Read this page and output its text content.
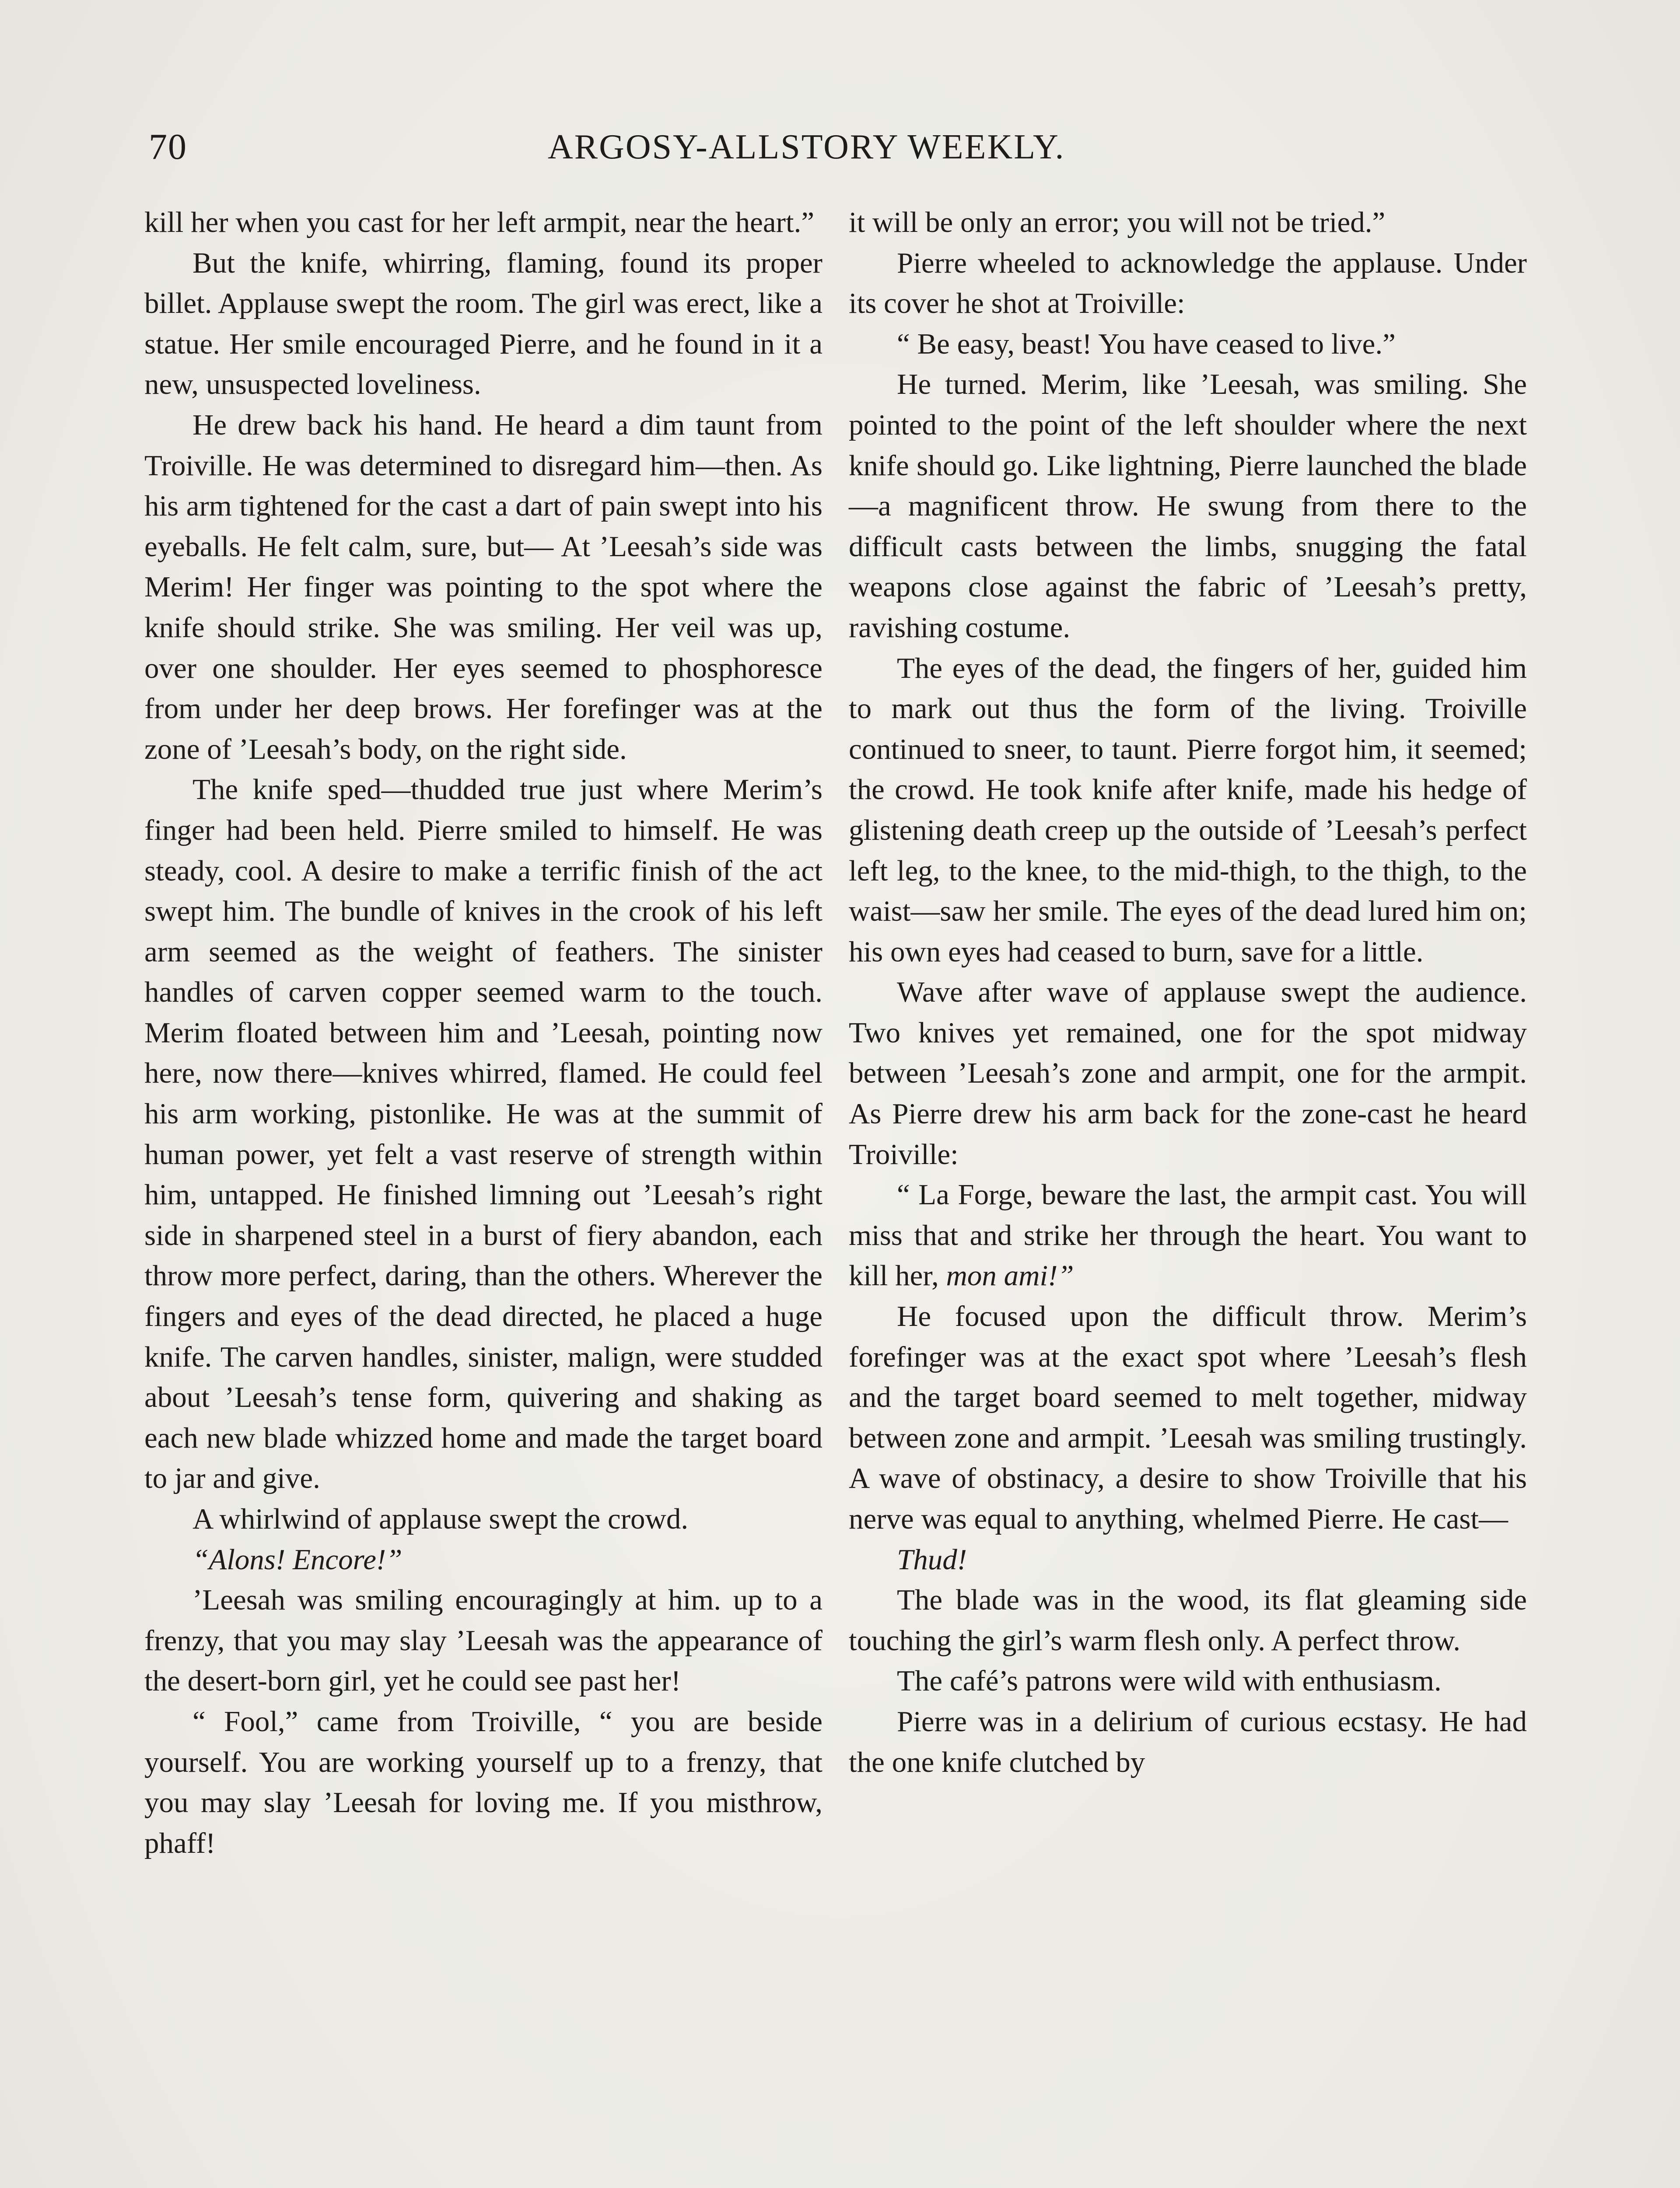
70	ARGOSY-ALLSTORY WEEKLY.

kill her when you cast for her left armpit, near the heart.”

But the knife, whirring, flaming, found its proper billet. Applause swept the room. The girl was erect, like a statue. Her smile encouraged Pierre, and he found in it a new, unsuspected loveliness.

He drew back his hand. He heard a dim taunt from Troiville. He was determined to disregard him—then. As his arm tightened for the cast a dart of pain swept into his eyeballs. He felt calm, sure, but— At ’Leesah’s side was Merim! Her finger was pointing to the spot where the knife should strike. She was smiling. Her veil was up, over one shoulder. Her eyes seemed to phosphoresce from under her deep brows. Her forefinger was at the zone of ’Leesah’s body, on the right side.

The knife sped—thudded true just where Merim’s finger had been held. Pierre smiled to himself. He was steady, cool. A desire to make a terrific finish of the act swept him. The bundle of knives in the crook of his left arm seemed as the weight of feathers. The sinister handles of carven copper seemed warm to the touch. Merim floated between him and ’Leesah, pointing now here, now there—knives whirred, flamed. He could feel his arm working, pistonlike. He was at the summit of human power, yet felt a vast reserve of strength within him, untapped. He finished limning out ’Leesah’s right side in sharpened steel in a burst of fiery abandon, each throw more perfect, daring, than the others. Wherever the fingers and eyes of the dead directed, he placed a huge knife. The carven handles, sinister, malign, were studded about ’Leesah’s tense form, quivering and shaking as each new blade whizzed home and made the target board to jar and give.

A whirlwind of applause swept the crowd.

“Alons! Encore!”

’Leesah was smiling encouragingly at him. up to a frenzy, that you may slay ’Leesah was the appearance of the desert-born girl, yet he could see past her!

“ Fool,” came from Troiville, “ you are beside yourself. You are working yourself up to a frenzy, that you may slay ’Leesah for loving me. If you misthrow, phaff!

it will be only an error; you will not be tried.”

Pierre wheeled to acknowledge the applause. Under its cover he shot at Troiville:

“ Be easy, beast! You have ceased to live.”

He turned. Merim, like ’Leesah, was smiling. She pointed to the point of the left shoulder where the next knife should go. Like lightning, Pierre launched the blade—a magnificent throw. He swung from there to the difficult casts between the limbs, snugging the fatal weapons close against the fabric of ’Leesah’s pretty, ravishing costume.

The eyes of the dead, the fingers of her, guided him to mark out thus the form of the living. Troiville continued to sneer, to taunt. Pierre forgot him, it seemed; the crowd. He took knife after knife, made his hedge of glistening death creep up the outside of ’Leesah’s perfect left leg, to the knee, to the mid-thigh, to the thigh, to the waist—saw her smile. The eyes of the dead lured him on; his own eyes had ceased to burn, save for a little.

Wave after wave of applause swept the audience. Two knives yet remained, one for the spot midway between ’Leesah’s zone and armpit, one for the armpit. As Pierre drew his arm back for the zone-cast he heard Troiville:

“ La Forge, beware the last, the armpit cast. You will miss that and strike her through the heart. You want to kill her, mon ami!”

He focused upon the difficult throw. Merim’s forefinger was at the exact spot where ’Leesah’s flesh and the target board seemed to melt together, midway between zone and armpit. ’Leesah was smiling trustingly. A wave of obstinacy, a desire to show Troiville that his nerve was equal to anything, whelmed Pierre. He cast—

Thud!

The blade was in the wood, its flat gleaming side touching the girl’s warm flesh only. A perfect throw.

The café’s patrons were wild with enthusiasm.

Pierre was in a delirium of curious ecstasy. He had the one knife clutched by
